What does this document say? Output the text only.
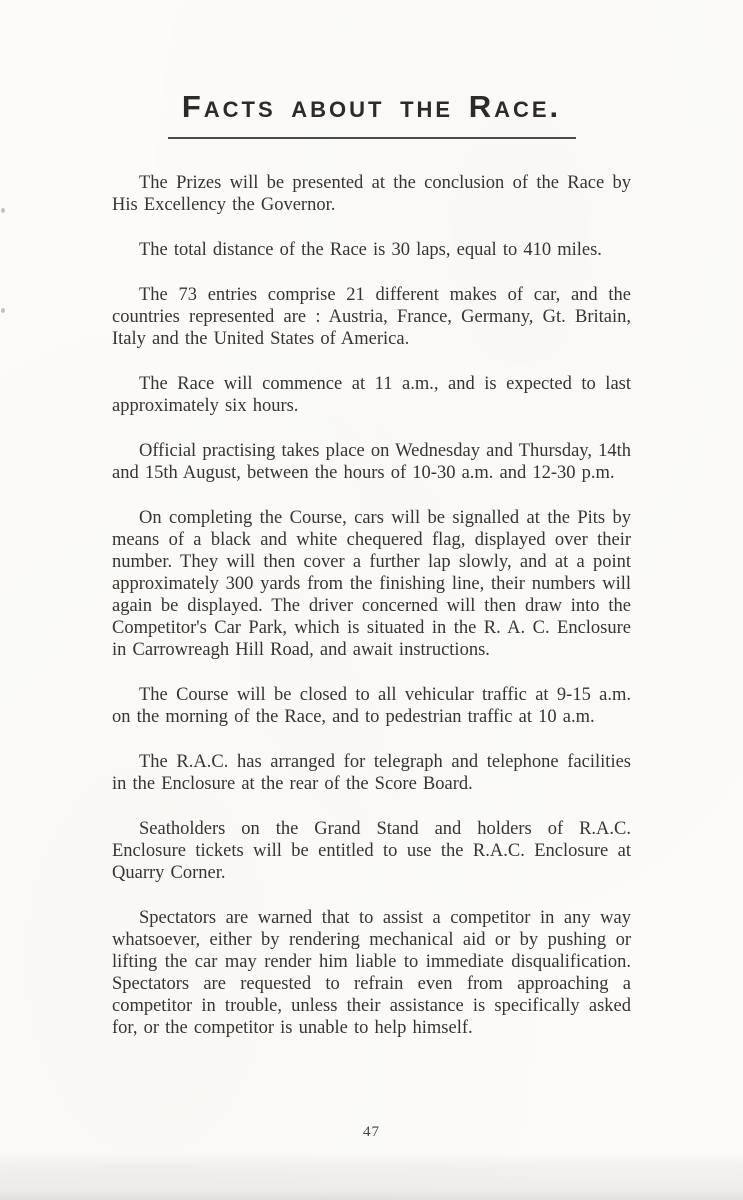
Facts about the Race.

The Prizes will be presented at the conclusion of the Race by His Excellency the Governor.

The total distance of the Race is 30 laps, equal to 410 miles.

The 73 entries comprise 21 different makes of car, and the countries represented are : Austria, France, Germany, Gt. Britain, Italy and the United States of America.

The Race will commence at 11 a.m., and is expected to last approximately six hours.

Official practising takes place on Wednesday and Thursday, 14th and 15th August, between the hours of 10-30 a.m. and 12-30 p.m.

On completing the Course, cars will be signalled at the Pits by means of a black and white chequered flag, displayed over their number. They will then cover a further lap slowly, and at a point approximately 300 yards from the finishing line, their numbers will again be displayed. The driver concerned will then draw into the Competitor's Car Park, which is situated in the R. A. C. Enclosure in Carrowreagh Hill Road, and await instructions.

The Course will be closed to all vehicular traffic at 9-15 a.m. on the morning of the Race, and to pedestrian traffic at 10 a.m.

The R.A.C. has arranged for telegraph and telephone facilities in the Enclosure at the rear of the Score Board.

Seatholders on the Grand Stand and holders of R.A.C. Enclosure tickets will be entitled to use the R.A.C. Enclosure at Quarry Corner.

Spectators are warned that to assist a competitor in any way whatsoever, either by rendering mechanical aid or by pushing or lifting the car may render him liable to immediate disqualification. Spectators are requested to refrain even from approaching a competitor in trouble, unless their assistance is specifically asked for, or the competitor is unable to help himself.

47
